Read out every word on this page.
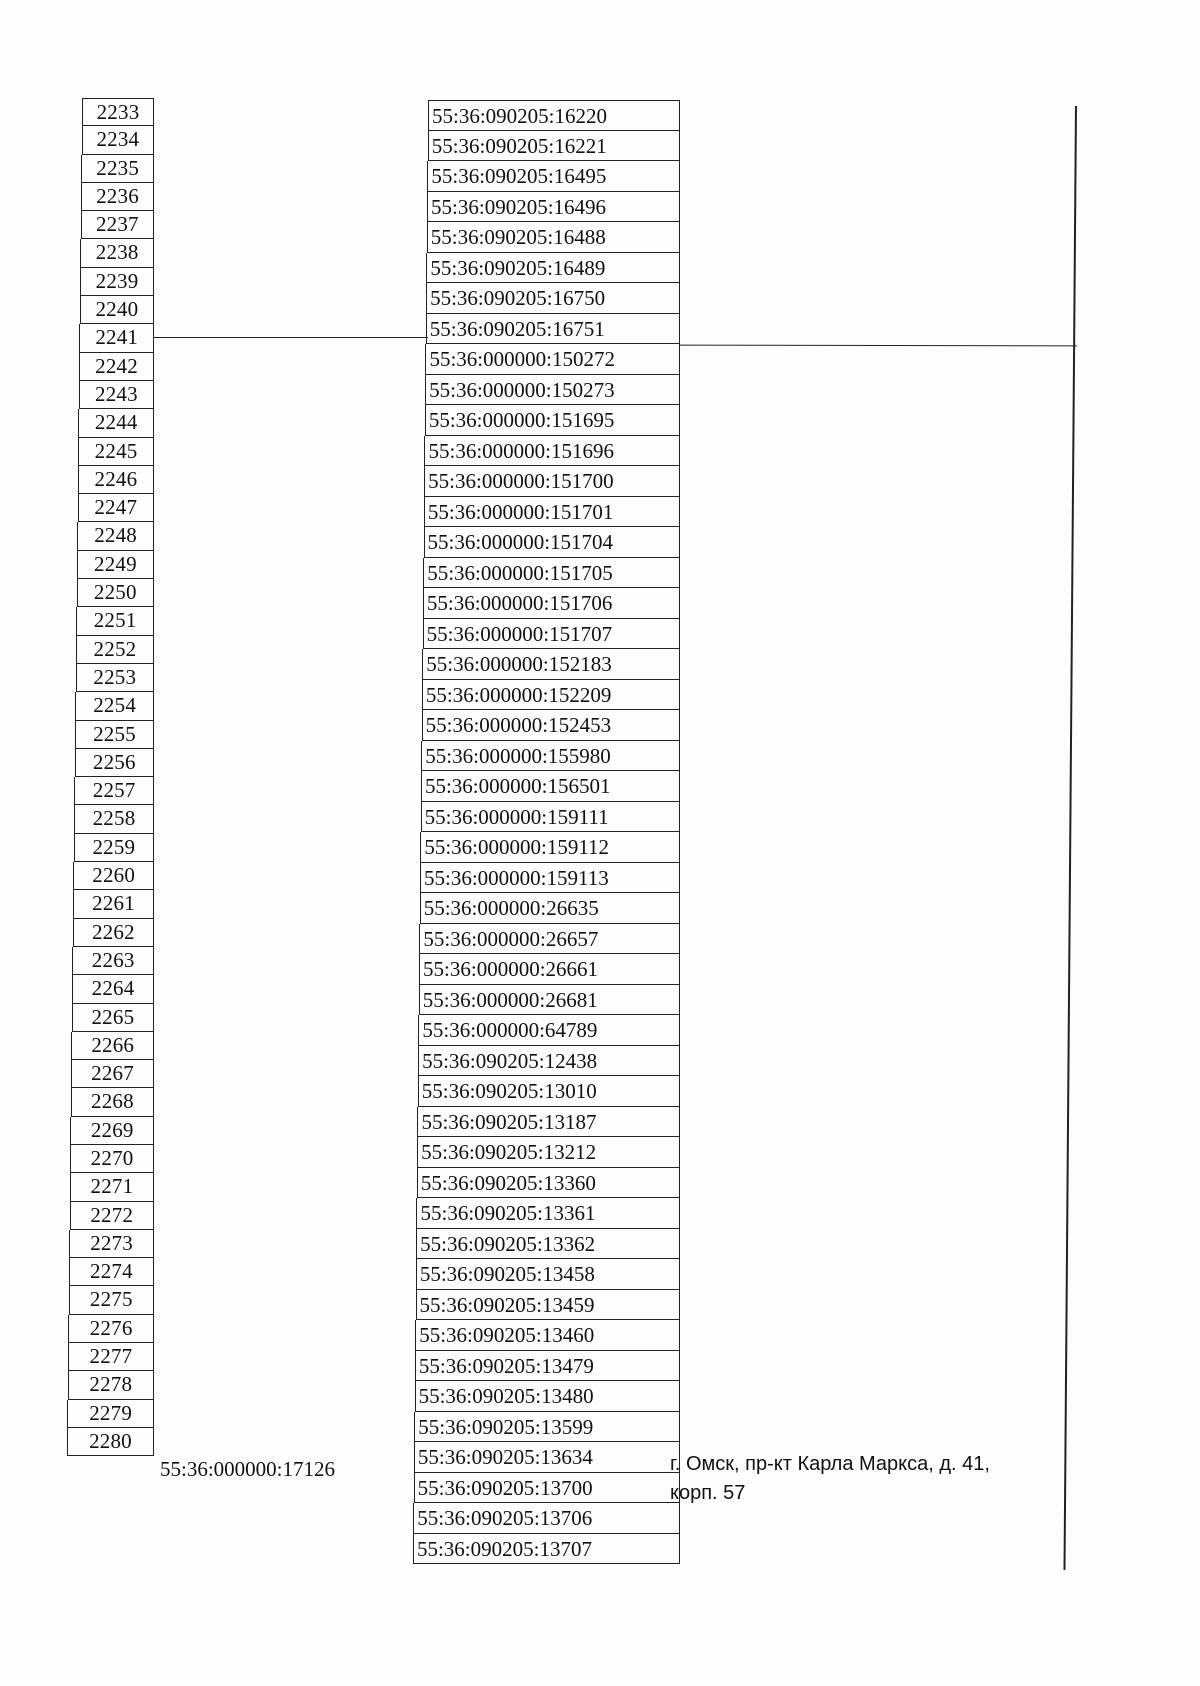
2233
2234
2235
2236
2237
2238
2239
2240
2241
2242
2243
2244
2245
2246
2247
2248
2249
2250
2251
2252
2253
2254
2255
2256
2257
2258
2259
2260
2261
2262
2263
2264
2265
2266
2267
2268
2269
2270
2271
2272
2273
2274
2275
2276
2277
2278
2279
2280
55:36:090205:16220
55:36:090205:16221
55:36:090205:16495
55:36:090205:16496
55:36:090205:16488
55:36:090205:16489
55:36:090205:16750
55:36:090205:16751
55:36:000000:150272
55:36:000000:150273
55:36:000000:151695
55:36:000000:151696
55:36:000000:151700
55:36:000000:151701
55:36:000000:151704
55:36:000000:151705
55:36:000000:151706
55:36:000000:151707
55:36:000000:152183
55:36:000000:152209
55:36:000000:152453
55:36:000000:155980
55:36:000000:156501
55:36:000000:159111
55:36:000000:159112
55:36:000000:159113
55:36:000000:26635
55:36:000000:26657
55:36:000000:26661
55:36:000000:26681
55:36:000000:64789
55:36:090205:12438
55:36:090205:13010
55:36:090205:13187
55:36:090205:13212
55:36:090205:13360
55:36:090205:13361
55:36:090205:13362
55:36:090205:13458
55:36:090205:13459
55:36:090205:13460
55:36:090205:13479
55:36:090205:13480
55:36:090205:13599
55:36:090205:13634
55:36:090205:13700
55:36:090205:13706
55:36:090205:13707
55:36:000000:17126	г. Омск, пр-кт Карла Маркса, д. 41, корп. 57
